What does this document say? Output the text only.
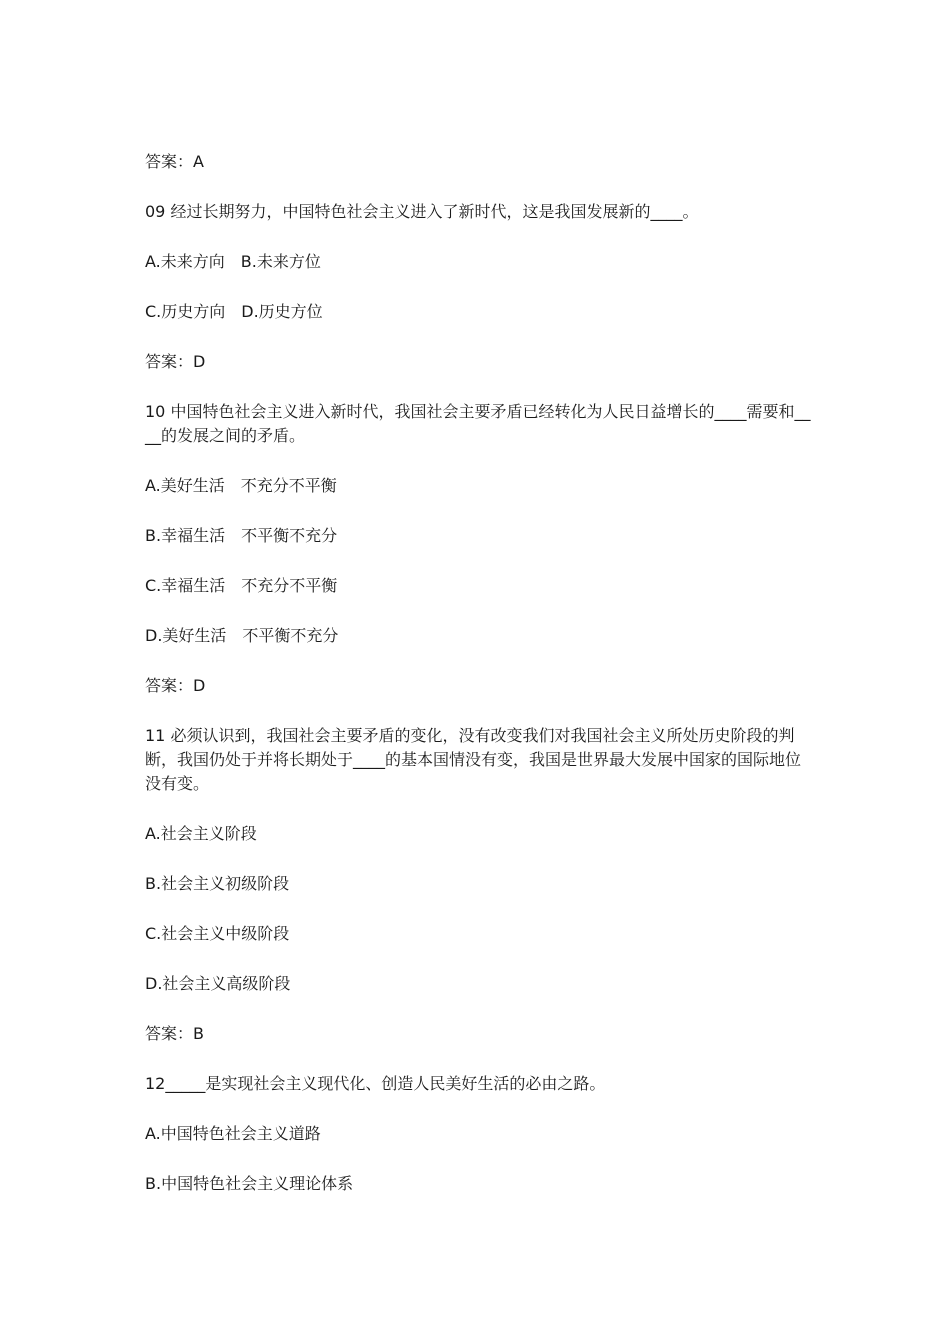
答案：A

09 经过长期努力，中国特色社会主义进入了新时代，这是我国发展新的____。

A.未来方向　B.未来方位

C.历史方向　D.历史方位

答案：D

10 中国特色社会主义进入新时代，我国社会主要矛盾已经转化为人民日益增长的____需要和____的发展之间的矛盾。

A.美好生活　不充分不平衡

B.幸福生活　不平衡不充分

C.幸福生活　不充分不平衡

D.美好生活　不平衡不充分

答案：D

11 必须认识到，我国社会主要矛盾的变化，没有改变我们对我国社会主义所处历史阶段的判断，我国仍处于并将长期处于____的基本国情没有变，我国是世界最大发展中国家的国际地位没有变。

A.社会主义阶段

B.社会主义初级阶段

C.社会主义中级阶段

D.社会主义高级阶段

答案：B

12_____是实现社会主义现代化、创造人民美好生活的必由之路。

A.中国特色社会主义道路

B.中国特色社会主义理论体系
